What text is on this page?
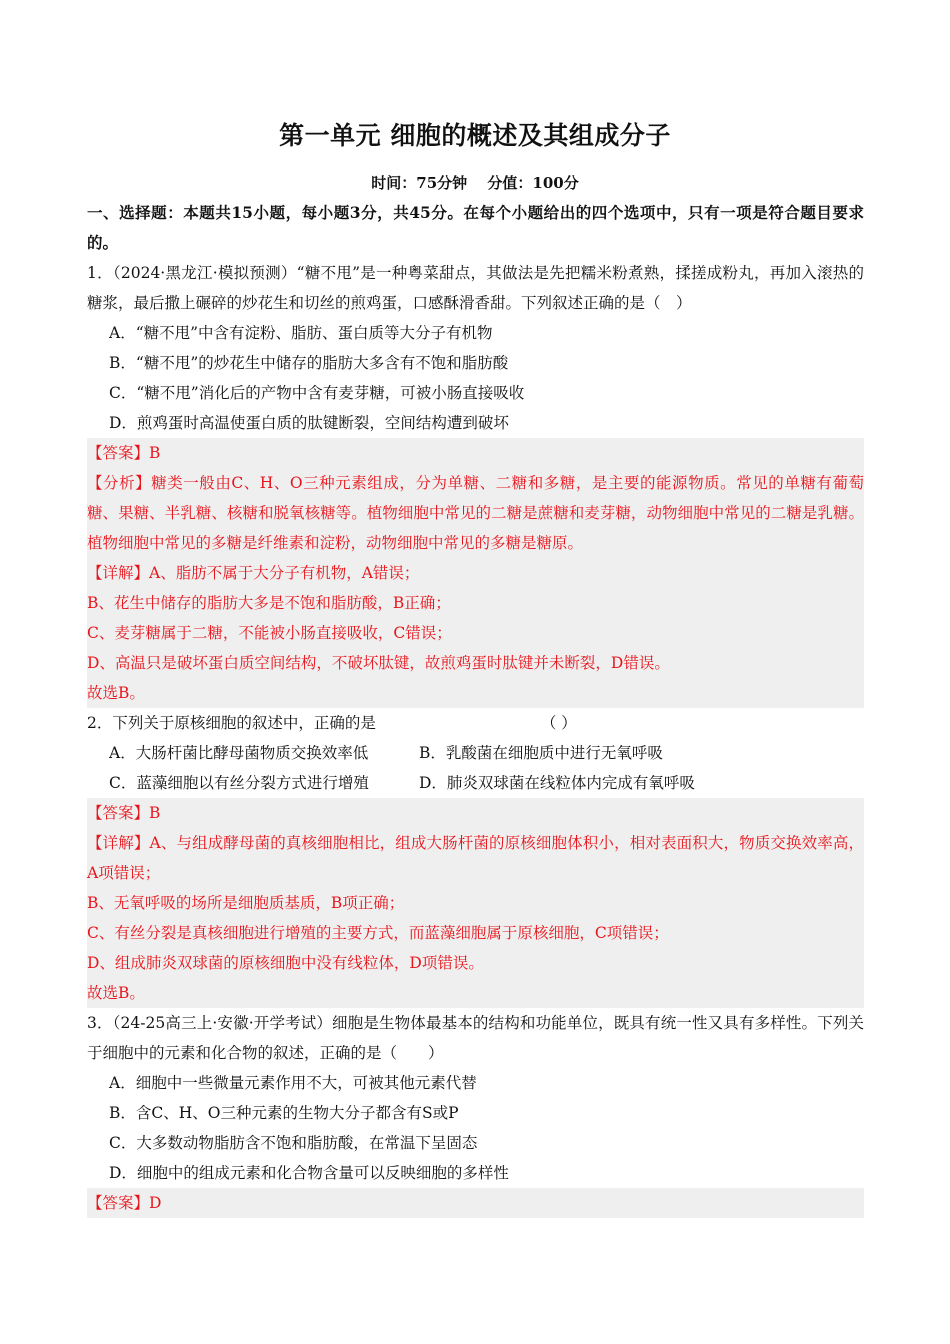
第一单元 细胞的概述及其组成分子
时间：75分钟　 分值：100分
一、选择题：本题共15小题，每小题3分，共45分。在每个小题给出的四个选项中，只有一项是符合题目要求的。
1．（2024·黑龙江·模拟预测）“糖不甩”是一种粤菜甜点，其做法是先把糯米粉煮熟，揉搓成粉丸，再加入滚热的糖浆，最后撒上碾碎的炒花生和切丝的煎鸡蛋，口感酥滑香甜。下列叙述正确的是（　）
A．“糖不甩”中含有淀粉、脂肪、蛋白质等大分子有机物
B．“糖不甩”的炒花生中储存的脂肪大多含有不饱和脂肪酸
C．“糖不甩”消化后的产物中含有麦芽糖，可被小肠直接吸收
D．煎鸡蛋时高温使蛋白质的肽键断裂，空间结构遭到破坏
【答案】B
【分析】糖类一般由C、H、O三种元素组成，分为单糖、二糖和多糖，是主要的能源物质。常见的单糖有葡萄糖、果糖、半乳糖、核糖和脱氧核糖等。植物细胞中常见的二糖是蔗糖和麦芽糖，动物细胞中常见的二糖是乳糖。植物细胞中常见的多糖是纤维素和淀粉，动物细胞中常见的多糖是糖原。
【详解】A、脂肪不属于大分子有机物，A错误；
B、花生中储存的脂肪大多是不饱和脂肪酸，B正确；
C、麦芽糖属于二糖，不能被小肠直接吸收，C错误；
D、高温只是破坏蛋白质空间结构，不破坏肽键，故煎鸡蛋时肽键并未断裂，D错误。
故选B。
2．下列关于原核细胞的叙述中，正确的是	（ ）
A．大肠杆菌比酵母菌物质交换效率低	B．乳酸菌在细胞质中进行无氧呼吸
C．蓝藻细胞以有丝分裂方式进行增殖	D．肺炎双球菌在线粒体内完成有氧呼吸
【答案】B
【详解】A、与组成酵母菌的真核细胞相比，组成大肠杆菌的原核细胞体积小，相对表面积大，物质交换效率高，A项错误；
B、无氧呼吸的场所是细胞质基质，B项正确；
C、有丝分裂是真核细胞进行增殖的主要方式，而蓝藻细胞属于原核细胞，C项错误；
D、组成肺炎双球菌的原核细胞中没有线粒体，D项错误。
故选B。
3．（24-25高三上·安徽·开学考试）细胞是生物体最基本的结构和功能单位，既具有统一性又具有多样性。下列关于细胞中的元素和化合物的叙述，正确的是（　　）
A．细胞中一些微量元素作用不大，可被其他元素代替
B．含C、H、O三种元素的生物大分子都含有S或P
C．大多数动物脂肪含不饱和脂肪酸，在常温下呈固态
D．细胞中的组成元素和化合物含量可以反映细胞的多样性
【答案】D
